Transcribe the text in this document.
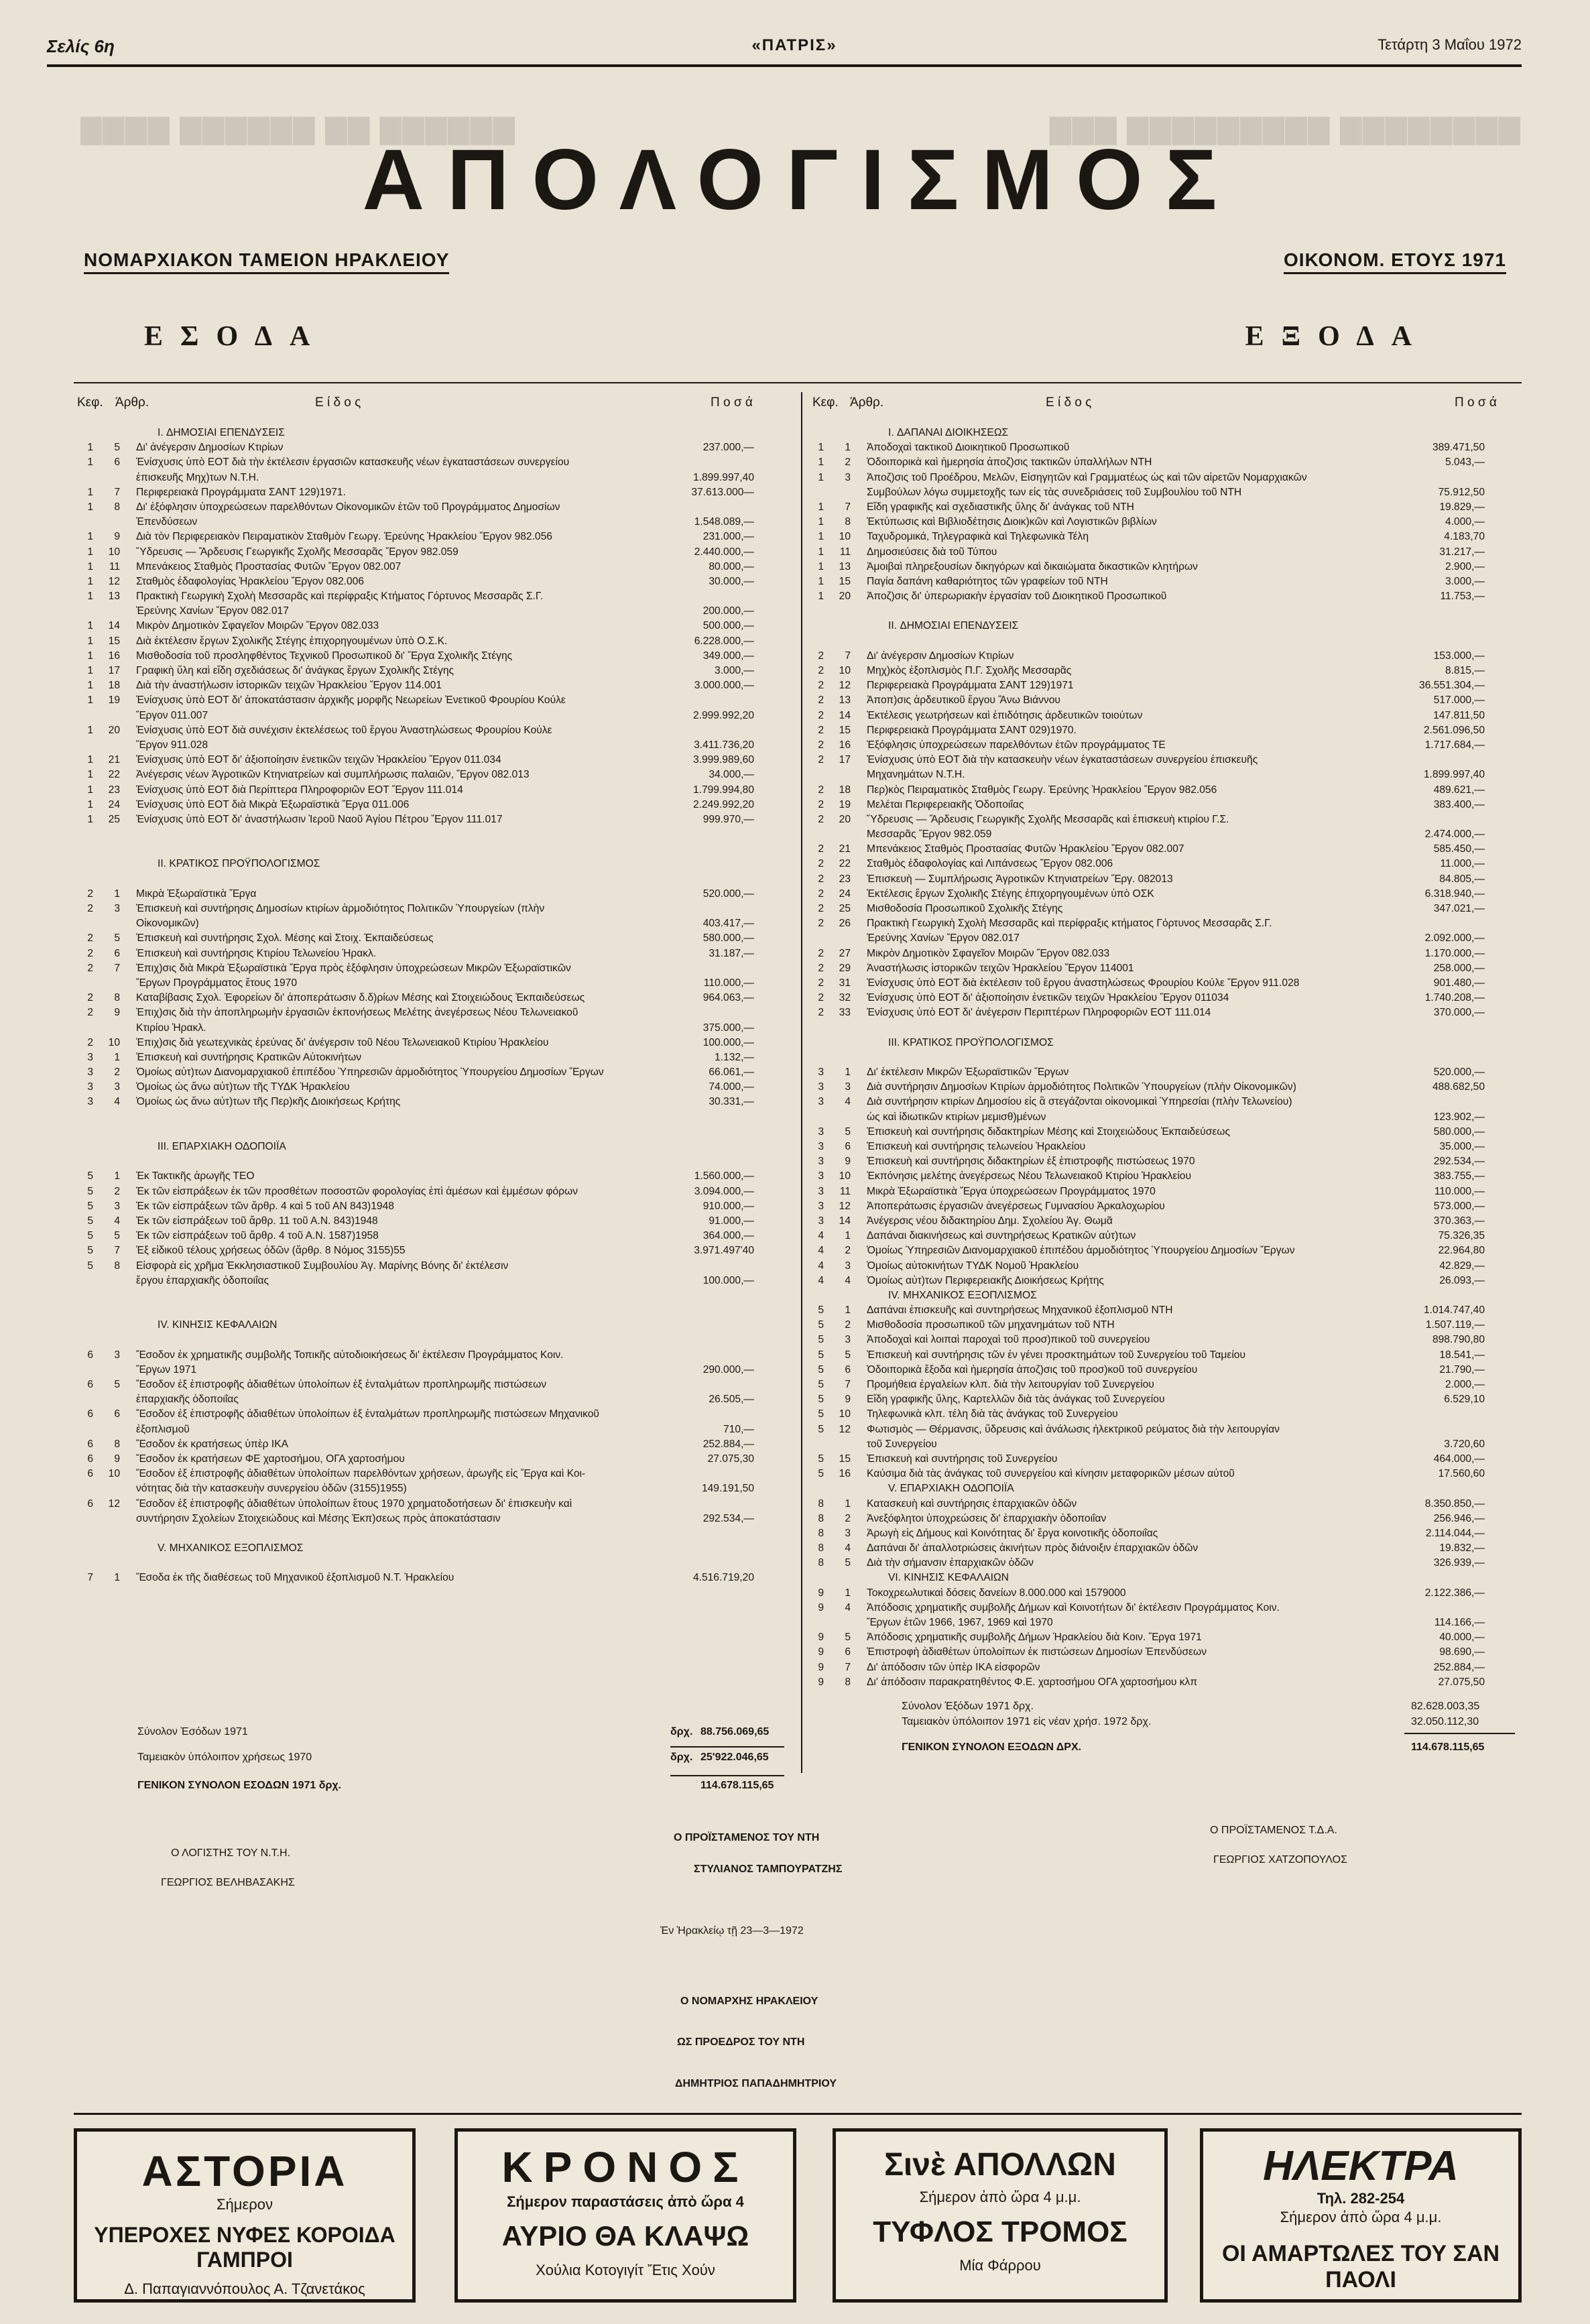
Σελίς 6η	«ΠΑΤΡΙΣ»	Τετάρτη 3 Μαΐου 1972
▇▇▇▇ ▇▇▇▇▇▇ ▇▇ ▇▇▇▇▇▇	▇▇▇ ▇▇▇▇▇▇▇▇▇ ▇▇▇▇▇▇▇▇
ΑΠΟΛΟΓΙΣΜΟΣ
ΝΟΜΑΡΧΙΑΚΟΝ ΤΑΜΕΙΟΝ ΗΡΑΚΛΕΙΟΥ	ΟΙΚΟΝΟΜ. ΕΤΟΥΣ 1971
ΕΣΟΔΑ	ΕΞΟΔΑ
Κεφ. Άρθρ.	Ε ί δ ο ς	Π ο σ ά	Κεφ. Άρθρ.	Ε ί δ ο ς	Π ο σ ά
I. ΔΗΜΟΣΙΑΙ ΕΠΕΝΔΥΣΕΙΣ
1	5	Δι' ἀνέγερσιν Δημοσίων Κτιρίων	237.000,—
1	6	Ἐνίσχυσις ὑπὸ ΕΟΤ διὰ τὴν ἐκτέλεσιν ἐργασιῶν κατασκευῆς νέων ἐγκαταστάσεων συνεργείου
ἐπισκευῆς Μηχ)των Ν.Τ.Η.	1.899.997,40
1	7	Περιφερειακὰ Προγράμματα ΣΑΝΤ 129)1971.	37.613.000—
1	8	Δι' ἐξόφλησιν ὑποχρεώσεων παρελθόντων Οἰκονομικῶν ἐτῶν τοῦ Προγράμματος Δημοσίων
Ἐπενδύσεων	1.548.089,—
1	9	Διὰ τὸν Περιφερειακὸν Πειραματικὸν Σταθμὸν Γεωργ. Ἐρεύνης Ἡρακλείου Ἔργον 982.056	231.000,—
1	10	Ὕδρευσις — Ἄρδευσις Γεωργικῆς Σχολῆς Μεσσαρᾶς Ἔργον 982.059	2.440.000,—
1	11	Μπενάκειος Σταθμὸς Προστασίας Φυτῶν Ἔργον 082.007	80.000,—
1	12	Σταθμὸς ἐδαφολογίας Ἡρακλείου Ἔργον 082.006	30.000,—
1	13	Πρακτικὴ Γεωργικὴ Σχολὴ Μεσσαρᾶς καὶ περίφραξις Κτήματος Γόρτυνος Μεσσαρᾶς Σ.Γ.
Ἐρεύνης Χανίων Ἔργον 082.017	200.000,—
1	14	Μικρὸν Δημοτικὸν Σφαγεῖον Μοιρῶν Ἔργον 082.033	500.000,—
1	15	Διὰ ἐκτέλεσιν ἔργων Σχολικῆς Στέγης ἐπιχορηγουμένων ὑπὸ Ο.Σ.Κ.	6.228.000,—
1	16	Μισθοδοσία τοῦ προσληφθέντος Τεχνικοῦ Προσωπικοῦ δι' Ἔργα Σχολικῆς Στέγης	349.000,—
1	17	Γραφικὴ ὕλη καὶ εἴδη σχεδιάσεως δι' ἀνάγκας ἔργων Σχολικῆς Στέγης	3.000,—
1	18	Διὰ τὴν ἀναστήλωσιν ἱστορικῶν τειχῶν Ἡρακλείου Ἔργον 114.001	3.000.000,—
1	19	Ἐνίσχυσις ὑπὸ ΕΟΤ δι' ἀποκατάστασιν ἀρχικῆς μορφῆς Νεωρείων Ἐνετικοῦ Φρουρίου Κούλε
Ἔργον 011.007	2.999.992,20
1	20	Ἐνίσχυσις ὑπὸ ΕΟΤ διὰ συνέχισιν ἐκτελέσεως τοῦ ἔργου Ἀναστηλώσεως Φρουρίου Κούλε
Ἔργον 911.028	3.411.736,20
1	21	Ἐνίσχυσις ὑπὸ ΕΟΤ δι' ἀξιοποίησιν ἐνετικῶν τειχῶν Ἡρακλείου Ἔργον 011.034	3.999.989,60
1	22	Ἀνέγερσις νέων Ἀγροτικῶν Κτηνιατρείων καὶ συμπλήρωσις παλαιῶν, Ἔργον 082.013	34.000,—
1	23	Ἐνίσχυσις ὑπὸ ΕΟΤ διὰ Περίπτερα Πληροφοριῶν ΕΟΤ Ἔργον 111.014	1.799.994,80
1	24	Ἐνίσχυσις ὑπὸ ΕΟΤ διὰ Μικρὰ Ἐξωραϊστικὰ Ἔργα 011.006	2.249.992,20
1	25	Ἐνίσχυσις ὑπὸ ΕΟΤ δι' ἀναστήλωσιν Ἱεροῦ Ναοῦ Ἁγίου Πέτρου Ἔργον 111.017	999.970,—
II. ΚΡΑΤΙΚΟΣ ΠΡΟΫΠΟΛΟΓΙΣΜΟΣ
2	1	Μικρὰ Ἐξωραϊστικὰ Ἔργα	520.000,—
2	3	Ἐπισκευὴ καὶ συντήρησις Δημοσίων κτιρίων ἁρμοδιότητος Πολιτικῶν Ὑπουργείων (πλὴν
Οἰκονομικῶν)	403.417,—
2	5	Ἐπισκευὴ καὶ συντήρησις Σχολ. Μέσης καὶ Στοιχ. Ἐκπαιδεύσεως	580.000,—
2	6	Ἐπισκευὴ καὶ συντήρησις Κτιρίου Τελωνείου Ἡρακλ.	31.187,—
2	7	Ἐπιχ)σις διὰ Μικρὰ Ἐξωραϊστικὰ Ἔργα πρὸς ἐξόφλησιν ὑποχρεώσεων Μικρῶν Ἐξωραϊστικῶν
Ἔργων Προγράμματος ἔτους 1970	110.000,—
2	8	Καταβίβασις Σχολ. Ἐφορείων δι' ἀποπεράτωσιν δ.δ)ρίων Μέσης καὶ Στοιχειώδους Ἐκπαιδεύσεως	964.063,—
2	9	Ἐπιχ)σις διὰ τὴν ἀποπληρωμὴν ἐργασιῶν ἐκπονήσεως Μελέτης ἀνεγέρσεως Νέου Τελωνειακοῦ
Κτιρίου Ἡρακλ.	375.000,—
2	10	Ἐπιχ)σις διὰ γεωτεχνικὰς ἐρεύνας δι' ἀνέγερσιν τοῦ Νέου Τελωνειακοῦ Κτιρίου Ἡρακλείου	100.000,—
3	1	Ἐπισκευὴ καὶ συντήρησις Κρατικῶν Αὐτοκινήτων	1.132,—
3	2	Ὁμοίως αὐτ)των Διανομαρχιακοῦ ἐπιπέδου Ὑπηρεσιῶν ἁρμοδιότητος Ὑπουργείου Δημοσίων Ἔργων	66.061,—
3	3	Ὁμοίως ὡς ἄνω αὐτ)των τῆς ΤΥΔΚ Ἡρακλείου	74.000,—
3	4	Ὁμοίως ὡς ἄνω αὐτ)των τῆς Περ)κῆς Διοικήσεως Κρήτης	30.331,—
III. ΕΠΑΡΧΙΑΚΗ ΟΔΟΠΟΙΪΑ
5	1	Ἐκ Τακτικῆς ἀρωγῆς ΤΕΟ	1.560.000,—
5	2	Ἐκ τῶν εἰσπράξεων ἐκ τῶν προσθέτων ποσοστῶν φορολογίας ἐπὶ ἀμέσων καὶ ἐμμέσων φόρων	3.094.000,—
5	3	Ἐκ τῶν εἰσπράξεων τῶν ἄρθρ. 4 καὶ 5 τοῦ ΑΝ 843)1948	910.000,—
5	4	Ἐκ τῶν εἰσπράξεων τοῦ ἄρθρ. 11 τοῦ Α.Ν. 843)1948	91.000,—
5	5	Ἐκ τῶν εἰσπράξεων τοῦ ἄρθρ. 4 τοῦ Α.Ν. 1587)1958	364.000,—
5	7	Ἐξ εἰδικοῦ τέλους χρήσεως ὁδῶν (ἄρθρ. 8 Νόμος 3155)55	3.971.497'40
5	8	Εἰσφορὰ εἰς χρῆμα Ἐκκλησιαστικοῦ Συμβουλίου Ἁγ. Μαρίνης Βόνης δι' ἐκτέλεσιν
ἔργου ἐπαρχιακῆς ὁδοποιΐας	100.000,—
IV. ΚΙΝΗΣΙΣ ΚΕΦΑΛΑΙΩΝ
6	3	Ἔσοδον ἐκ χρηματικῆς συμβολῆς Τοπικῆς αὐτοδιοικήσεως δι' ἐκτέλεσιν Προγράμματος Κοιν.
Ἔργων 1971	290.000,—
6	5	Ἔσοδον ἐξ ἐπιστροφῆς ἀδιαθέτων ὑπολοίπων ἐξ ἐνταλμάτων προπληρωμῆς πιστώσεων
ἐπαρχιακῆς ὁδοποιΐας	26.505,—
6	6	Ἔσοδον ἐξ ἐπιστροφῆς ἀδιαθέτων ὑπολοίπων ἐξ ἐνταλμάτων προπληρωμῆς πιστώσεων Μηχανικοῦ
ἐξοπλισμοῦ	710,—
6	8	Ἔσοδον ἐκ κρατήσεως ὑπὲρ ΙΚΑ	252.884,—
6	9	Ἔσοδον ἐκ κρατήσεων ΦΕ χαρτοσήμου, ΟΓΑ χαρτοσήμου	27.075,30
6	10	Ἔσοδον ἐξ ἐπιστροφῆς ἀδιαθέτων ὑπολοίπων παρελθόντων χρήσεων, ἀρωγῆς εἰς Ἔργα καὶ Κοι-
νότητας διὰ τὴν κατασκευὴν συνεργείου ὁδῶν (3155)1955)	149.191,50
6	12	Ἔσοδον ἐξ ἐπιστροφῆς ἀδιαθέτων ὑπολοίπων ἔτους 1970 χρηματοδοτήσεων δι' ἐπισκευὴν καὶ
συντήρησιν Σχολείων Στοιχειώδους καὶ Μέσης Ἐκπ)σεως πρὸς ἀποκατάστασιν	292.534,—
V. ΜΗΧΑΝΙΚΟΣ ΕΞΟΠΛΙΣΜΟΣ
7	1	Ἔσοδα ἐκ τῆς διαθέσεως τοῦ Μηχανικοῦ ἐξοπλισμοῦ Ν.Τ. Ἡρακλείου	4.516.719,20
I. ΔΑΠΑΝΑΙ ΔΙΟΙΚΗΣΕΩΣ
1	1	Ἀποδοχαὶ τακτικοῦ Διοικητικοῦ Προσωπικοῦ	389.471,50
1	2	Ὁδοιπορικὰ καὶ ἡμερησία ἀποζ)σις τακτικῶν ὑπαλλήλων ΝΤΗ	5.043,—
1	3	Ἀποζ)σις τοῦ Προέδρου, Μελῶν, Εἰσηγητῶν καὶ Γραμματέως ὡς καὶ τῶν αἱρετῶν Νομαρχιακῶν
Συμβούλων λόγω συμμετοχῆς των εἰς τὰς συνεδριάσεις τοῦ Συμβουλίου τοῦ ΝΤΗ	75.912,50
1	7	Εἴδη γραφικῆς καὶ σχεδιαστικῆς ὕλης δι' ἀνάγκας τοῦ ΝΤΗ	19.829,—
1	8	Ἐκτύπωσις καὶ Βιβλιοδέτησις Διοικ)κῶν καὶ Λογιστικῶν βιβλίων	4.000,—
1	10	Ταχυδρομικά, Τηλεγραφικὰ καὶ Τηλεφωνικὰ Τέλη	4.183,70
1	11	Δημοσιεύσεις διὰ τοῦ Τύπου	31.217,—
1	13	Ἀμοιβαὶ πληρεξουσίων δικηγόρων καὶ δικαιώματα δικαστικῶν κλητήρων	2.900,—
1	15	Παγία δαπάνη καθαριότητος τῶν γραφείων τοῦ ΝΤΗ	3.000,—
1	20	Ἀποζ)σις δι' ὑπερωριακὴν ἐργασίαν τοῦ Διοικητικοῦ Προσωπικοῦ	11.753,—
II. ΔΗΜΟΣΙΑΙ ΕΠΕΝΔΥΣΕΙΣ
2	7	Δι' ἀνέγερσιν Δημοσίων Κτιρίων	153.000,—
2	10	Μηχ)κὸς ἐξοπλισμὸς Π.Γ. Σχολῆς Μεσσαρᾶς	8.815,—
2	12	Περιφερειακὰ Προγράμματα ΣΑΝΤ 129)1971	36.551.304,—
2	13	Ἀποπ)σις ἀρδευτικοῦ ἔργου Ἄνω Βιάννου	517.000,—
2	14	Ἐκτέλεσις γεωτρήσεων καὶ ἐπιδότησις ἀρδευτικῶν τοιούτων	147.811,50
2	15	Περιφερειακὰ Προγράμματα ΣΑΝΤ 029)1970.	2.561.096,50
2	16	Ἐξόφλησις ὑποχρεώσεων παρελθόντων ἐτῶν προγράμματος ΤΕ	1.717.684,—
2	17	Ἐνίσχυσις ὑπὸ ΕΟΤ διὰ τὴν κατασκευὴν νέων ἐγκαταστάσεων συνεργείου ἐπισκευῆς
Μηχανημάτων Ν.Τ.Η.	1.899.997,40
2	18	Περ)κὸς Πειραματικὸς Σταθμὸς Γεωργ. Ἐρεύνης Ἡρακλείου Ἔργον 982.056	489.621,—
2	19	Μελέται Περιφερειακῆς Ὁδοποιΐας	383.400,—
2	20	Ὕδρευσις — Ἄρδευσις Γεωργικῆς Σχολῆς Μεσσαρᾶς καὶ ἐπισκευὴ κτιρίου Γ.Σ.
Μεσσαρᾶς Ἔργον 982.059	2.474.000,—
2	21	Μπενάκειος Σταθμὸς Προστασίας Φυτῶν Ἡρακλείου Ἔργον 082.007	585.450,—
2	22	Σταθμὸς ἐδαφολογίας καὶ Λιπάνσεως Ἔργον 082.006	11.000,—
2	23	Ἐπισκευὴ — Συμπλήρωσις Ἀγροτικῶν Κτηνιατρείων Ἔργ. 082013	84.805,—
2	24	Ἐκτέλεσις ἔργων Σχολικῆς Στέγης ἐπιχορηγουμένων ὑπὸ ΟΣΚ	6.318.940,—
2	25	Μισθοδοσία Προσωπικοῦ Σχολικῆς Στέγης	347.021,—
2	26	Πρακτικὴ Γεωργικὴ Σχολὴ Μεσσαρᾶς καὶ περίφραξις κτήματος Γόρτυνος Μεσσαρᾶς Σ.Γ.
Ἐρεύνης Χανίων Ἔργον 082.017	2.092.000,—
2	27	Μικρὸν Δημοτικὸν Σφαγεῖον Μοιρῶν Ἔργον 082.033	1.170.000,—
2	29	Ἀναστήλωσις ἱστορικῶν τειχῶν Ἡρακλείου Ἔργον 114001	258.000,—
2	31	Ἐνίσχυσις ὑπὸ ΕΟΤ διὰ ἐκτέλεσιν τοῦ ἔργου ἀναστηλώσεως Φρουρίου Κούλε Ἔργον 911.028	901.480,—
2	32	Ἐνίσχυσις ὑπὸ ΕΟΤ δι' ἀξιοποίησιν ἐνετικῶν τειχῶν Ἡρακλείου Ἔργον 011034	1.740.208,—
2	33	Ἐνίσχυσις ὑπὸ ΕΟΤ δι' ἀνέγερσιν Περιπτέρων Πληροφοριῶν ΕΟΤ 111.014	370.000,—
III. ΚΡΑΤΙΚΟΣ ΠΡΟΫΠΟΛΟΓΙΣΜΟΣ
3	1	Δι' ἐκτέλεσιν Μικρῶν Ἐξωραϊστικῶν Ἔργων	520.000,—
3	3	Διὰ συντήρησιν Δημοσίων Κτιρίων ἁρμοδιότητος Πολιτικῶν Ὑπουργείων (πλὴν Οἰκονομικῶν)	488.682,50
3	4	Διὰ συντήρησιν κτιρίων Δημοσίου εἰς ἃ στεγάζονται οἰκονομικαὶ Ὑπηρεσίαι (πλὴν Τελωνείου)
ὡς καὶ ἰδιωτικῶν κτιρίων μεμισθ)μένων	123.902,—
3	5	Ἐπισκευὴ καὶ συντήρησις διδακτηρίων Μέσης καὶ Στοιχειώδους Ἐκπαιδεύσεως	580.000,—
3	6	Ἐπισκευὴ καὶ συντήρησις τελωνείου Ἡρακλείου	35.000,—
3	9	Ἐπισκευὴ καὶ συντήρησις διδακτηρίων ἐξ ἐπιστροφῆς πιστώσεως 1970	292.534,—
3	10	Ἐκπόνησις μελέτης ἀνεγέρσεως Νέου Τελωνειακοῦ Κτιρίου Ἡρακλείου	383.755,—
3	11	Μικρὰ Ἐξωραϊστικὰ Ἔργα ὑποχρεώσεων Προγράμματος 1970	110.000,—
3	12	Ἀποπεράτωσις ἐργασιῶν ἀνεγέρσεως Γυμνασίου Ἀρκαλοχωρίου	573.000,—
3	14	Ἀνέγερσις νέου διδακτηρίου Δημ. Σχολείου Ἁγ. Θωμᾶ	370.363,—
4	1	Δαπάναι διακινήσεως καὶ συντηρήσεως Κρατικῶν αὐτ)των	75.326,35
4	2	Ὁμοίως Ὑπηρεσιῶν Διανομαρχιακοῦ ἐπιπέδου ἁρμοδιότητος Ὑπουργείου Δημοσίων Ἔργων	22.964,80
4	3	Ὁμοίως αὐτοκινήτων ΤΥΔΚ Νομοῦ Ἡρακλείου	42.829,—
4	4	Ὁμοίως αὐτ)των Περιφερειακῆς Διοικήσεως Κρήτης	26.093,—
IV. ΜΗΧΑΝΙΚΟΣ ΕΞΟΠΛΙΣΜΟΣ
5	1	Δαπάναι ἐπισκευῆς καὶ συντηρήσεως Μηχανικοῦ ἐξοπλισμοῦ ΝΤΗ	1.014.747,40
5	2	Μισθοδοσία προσωπικοῦ τῶν μηχανημάτων τοῦ ΝΤΗ	1.507.119,—
5	3	Ἀποδοχαὶ καὶ λοιπαὶ παροχαὶ τοῦ προσ)πικοῦ τοῦ συνεργείου	898.790,80
5	5	Ἐπισκευὴ καὶ συντήρησις τῶν ἐν γένει προσκτημάτων τοῦ Συνεργείου τοῦ Ταμείου	18.541,—
5	6	Ὁδοιπορικὰ ἔξοδα καὶ ἡμερησία ἀποζ)σις τοῦ προσ)κοῦ τοῦ συνεργείου	21.790,—
5	7	Προμήθεια ἐργαλείων κλπ. διὰ τὴν λειτουργίαν τοῦ Συνεργείου	2.000,—
5	9	Εἴδη γραφικῆς ὕλης, Καρτελλῶν διὰ τὰς ἀνάγκας τοῦ Συνεργείου	6.529,10
5	10	Τηλεφωνικὰ κλπ. τέλη διὰ τὰς ἀνάγκας τοῦ Συνεργείου
5	12	Φωτισμὸς — Θέρμανσις, ὕδρευσις καὶ ἀνάλωσις ἠλεκτρικοῦ ρεύματος διὰ τὴν λειτουργίαν
τοῦ Συνεργείου	3.720,60
5	15	Ἐπισκευὴ καὶ συντήρησις τοῦ Συνεργείου	464.000,—
5	16	Καύσιμα διὰ τὰς ἀνάγκας τοῦ συνεργείου καὶ κίνησιν μεταφορικῶν μέσων αὐτοῦ	17.560,60
V. ΕΠΑΡΧΙΑΚΗ ΟΔΟΠΟΙΪΑ
8	1	Κατασκευὴ καὶ συντήρησις ἐπαρχιακῶν ὁδῶν	8.350.850,—
8	2	Ἀνεξόφλητοι ὑποχρεώσεις δι' ἐπαρχιακὴν ὁδοποιΐαν	256.946,—
8	3	Ἀρωγὴ εἰς Δήμους καὶ Κοινότητας δι' ἔργα κοινοτικῆς ὁδοποιΐας	2.114.044,—
8	4	Δαπάναι δι' ἀπαλλοτριώσεις ἀκινήτων πρὸς διάνοιξιν ἐπαρχιακῶν ὁδῶν	19.832,—
8	5	Διὰ τὴν σήμανσιν ἐπαρχιακῶν ὁδῶν	326.939,—
VI. ΚΙΝΗΣΙΣ ΚΕΦΑΛΑΙΩΝ
9	1	Τοκοχρεωλυτικαὶ δόσεις δανείων 8.000.000 καὶ 1579000	2.122.386,—
9	4	Ἀπόδοσις χρηματικῆς συμβολῆς Δήμων καὶ Κοινοτήτων δι' ἐκτέλεσιν Προγράμματος Κοιν.
Ἔργων ἐτῶν 1966, 1967, 1969 καὶ 1970	114.166,—
9	5	Ἀπόδοσις χρηματικῆς συμβολῆς Δήμων Ἡρακλείου διὰ Κοιν. Ἔργα 1971	40.000,—
9	6	Ἐπιστροφὴ ἀδιαθέτων ὑπολοίπων ἐκ πιστώσεων Δημοσίων Ἐπενδύσεων	98.690,—
9	7	Δι' ἀπόδοσιν τῶν ὑπὲρ ΙΚΑ εἰσφορῶν	252.884,—
9	8	Δι' ἀπόδοσιν παρακρατηθέντος Φ.Ε. χαρτοσήμου ΟΓΑ χαρτοσήμου κλπ	27.075,50
Σύνολον Ἐσόδων 1971	δρχ. 88.756.069,65
Ταμειακὸν ὑπόλοιπον χρήσεως 1970	δρχ. 25'922.046,65
ΓΕΝΙΚΟΝ ΣΥΝΟΛΟΝ ΕΣΟΔΩΝ 1971 δρχ.	114.678.115,65
Σύνολον Ἐξόδων 1971 δρχ.	82.628.003,35
Ταμειακὸν ὑπόλοιπον 1971 εἰς νέαν χρήσ. 1972 δρχ.	32.050.112,30
ΓΕΝΙΚΟΝ ΣΥΝΟΛΟΝ ΕΞΟΔΩΝ ΔΡΧ.	114.678.115,65
Ο ΛΟΓΙΣΤΗΣ ΤΟΥ Ν.Τ.Η.
ΓΕΩΡΓΙΟΣ ΒΕΛΗΒΑΣΑΚΗΣ
Ο ΠΡΟΪΣΤΑΜΕΝΟΣ ΤΟΥ ΝΤΗ
ΣΤΥΛΙΑΝΟΣ ΤΑΜΠΟΥΡΑΤΖΗΣ
Ο ΠΡΟΪΣΤΑΜΕΝΟΣ Τ.Δ.Α.
ΓΕΩΡΓΙΟΣ ΧΑΤΖΟΠΟΥΛΟΣ
Ἐν Ἡρακλείῳ τῇ 23—3—1972
Ο ΝΟΜΑΡΧΗΣ ΗΡΑΚΛΕΙΟΥ
ΩΣ ΠΡΟΕΔΡΟΣ ΤΟΥ ΝΤΗ
ΔΗΜΗΤΡΙΟΣ ΠΑΠΑΔΗΜΗΤΡΙΟΥ
ΑΣΤΟΡΙΑ
Σήμερον
ΥΠΕΡΟΧΕΣ ΝΥΦΕΣ ΚΟΡΟΙΔΑ ΓΑΜΠΡΟΙ
Δ. Παπαγιαννόπουλος Α. Τζανετάκος
ΚΡΟΝΟΣ
Σήμερον παραστάσεις ἀπὸ ὥρα 4
ΑΥΡΙΟ ΘΑ ΚΛΑΨΩ
Χούλια Κοτογιγίτ Ἔτις Χούν
Σινὲ ΑΠΟΛΛΩΝ
Σήμερον ἀπὸ ὥρα 4 μ.μ.
ΤΥΦΛΟΣ ΤΡΟΜΟΣ
Μία Φάρρου
ΗΛΕΚΤΡΑ
Τηλ. 282-254
Σήμερον ἀπὸ ὥρα 4 μ.μ.
ΟΙ ΑΜΑΡΤΩΛΕΣ ΤΟΥ ΣΑΝ ΠΑΟΛΙ
